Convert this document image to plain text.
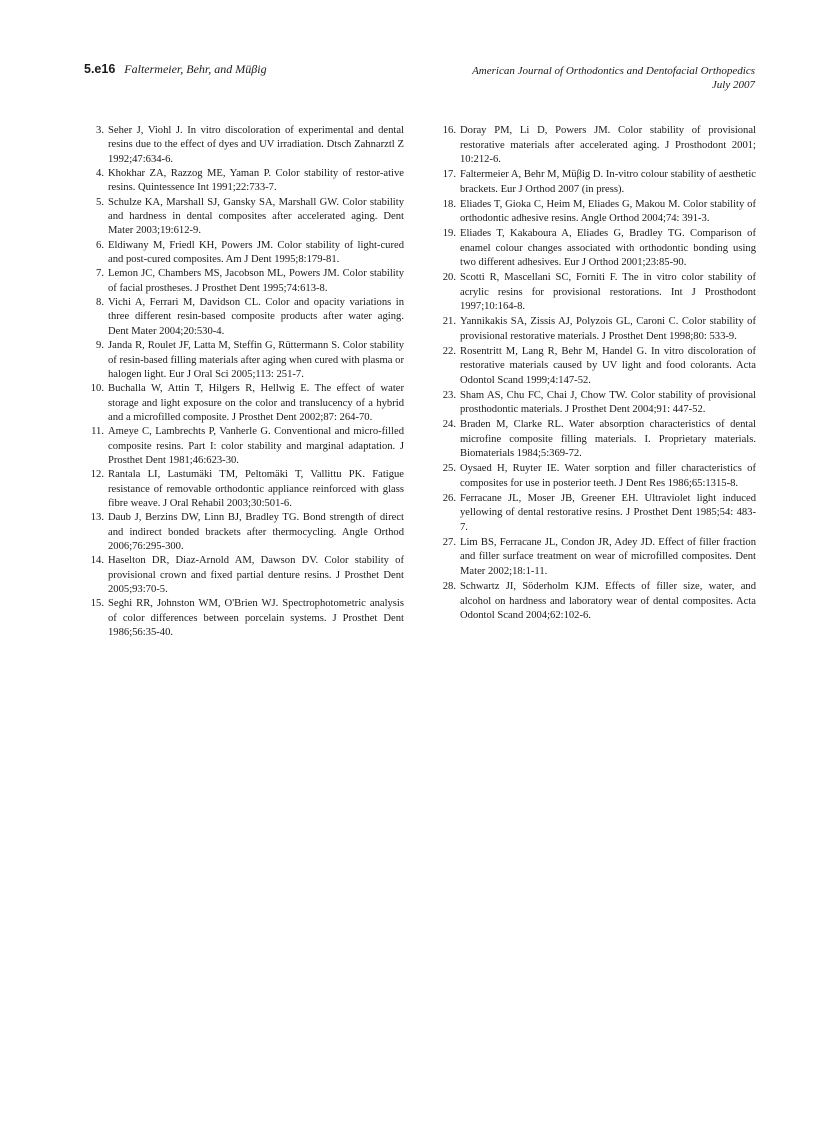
5.e16 Faltermeier, Behr, and Müβig	American Journal of Orthodontics and Dentofacial Orthopedics
July 2007
3. Seher J, Viohl J. In vitro discoloration of experimental and dental resins due to the effect of dyes and UV irradiation. Dtsch Zahnarztl Z 1992;47:634-6.
4. Khokhar ZA, Razzog ME, Yaman P. Color stability of restor-ative resins. Quintessence Int 1991;22:733-7.
5. Schulze KA, Marshall SJ, Gansky SA, Marshall GW. Color stability and hardness in dental composites after accelerated aging. Dent Mater 2003;19:612-9.
6. Eldiwany M, Friedl KH, Powers JM. Color stability of light-cured and post-cured composites. Am J Dent 1995;8:179-81.
7. Lemon JC, Chambers MS, Jacobson ML, Powers JM. Color stability of facial prostheses. J Prosthet Dent 1995;74:613-8.
8. Vichi A, Ferrari M, Davidson CL. Color and opacity variations in three different resin-based composite products after water aging. Dent Mater 2004;20:530-4.
9. Janda R, Roulet JF, Latta M, Steffin G, Rüttermann S. Color stability of resin-based filling materials after aging when cured with plasma or halogen light. Eur J Oral Sci 2005;113: 251-7.
10. Buchalla W, Attin T, Hilgers R, Hellwig E. The effect of water storage and light exposure on the color and translucency of a hybrid and a microfilled composite. J Prosthet Dent 2002;87: 264-70.
11. Ameye C, Lambrechts P, Vanherle G. Conventional and micro-filled composite resins. Part I: color stability and marginal adaptation. J Prosthet Dent 1981;46:623-30.
12. Rantala LI, Lastumäki TM, Peltomäki T, Vallittu PK. Fatigue resistance of removable orthodontic appliance reinforced with glass fibre weave. J Oral Rehabil 2003;30:501-6.
13. Daub J, Berzins DW, Linn BJ, Bradley TG. Bond strength of direct and indirect bonded brackets after thermocycling. Angle Orthod 2006;76:295-300.
14. Haselton DR, Diaz-Arnold AM, Dawson DV. Color stability of provisional crown and fixed partial denture resins. J Prosthet Dent 2005;93:70-5.
15. Seghi RR, Johnston WM, O'Brien WJ. Spectrophotometric analysis of color differences between porcelain systems. J Prosthet Dent 1986;56:35-40.
16. Doray PM, Li D, Powers JM. Color stability of provisional restorative materials after accelerated aging. J Prosthodont 2001; 10:212-6.
17. Faltermeier A, Behr M, Müβig D. In-vitro colour stability of aesthetic brackets. Eur J Orthod 2007 (in press).
18. Eliades T, Gioka C, Heim M, Eliades G, Makou M. Color stability of orthodontic adhesive resins. Angle Orthod 2004;74: 391-3.
19. Eliades T, Kakaboura A, Eliades G, Bradley TG. Comparison of enamel colour changes associated with orthodontic bonding using two different adhesives. Eur J Orthod 2001;23:85-90.
20. Scotti R, Mascellani SC, Forniti F. The in vitro color stability of acrylic resins for provisional restorations. Int J Prosthodont 1997;10:164-8.
21. Yannikakis SA, Zissis AJ, Polyzois GL, Caroni C. Color stability of provisional restorative materials. J Prosthet Dent 1998;80: 533-9.
22. Rosentritt M, Lang R, Behr M, Handel G. In vitro discoloration of restorative materials caused by UV light and food colorants. Acta Odontol Scand 1999;4:147-52.
23. Sham AS, Chu FC, Chai J, Chow TW. Color stability of provisional prosthodontic materials. J Prosthet Dent 2004;91: 447-52.
24. Braden M, Clarke RL. Water absorption characteristics of dental microfine composite filling materials. I. Proprietary materials. Biomaterials 1984;5:369-72.
25. Oysaed H, Ruyter IE. Water sorption and filler characteristics of composites for use in posterior teeth. J Dent Res 1986;65:1315-8.
26. Ferracane JL, Moser JB, Greener EH. Ultraviolet light induced yellowing of dental restorative resins. J Prosthet Dent 1985;54: 483-7.
27. Lim BS, Ferracane JL, Condon JR, Adey JD. Effect of filler fraction and filler surface treatment on wear of microfilled composites. Dent Mater 2002;18:1-11.
28. Schwartz JI, Söderholm KJM. Effects of filler size, water, and alcohol on hardness and laboratory wear of dental composites. Acta Odontol Scand 2004;62:102-6.
